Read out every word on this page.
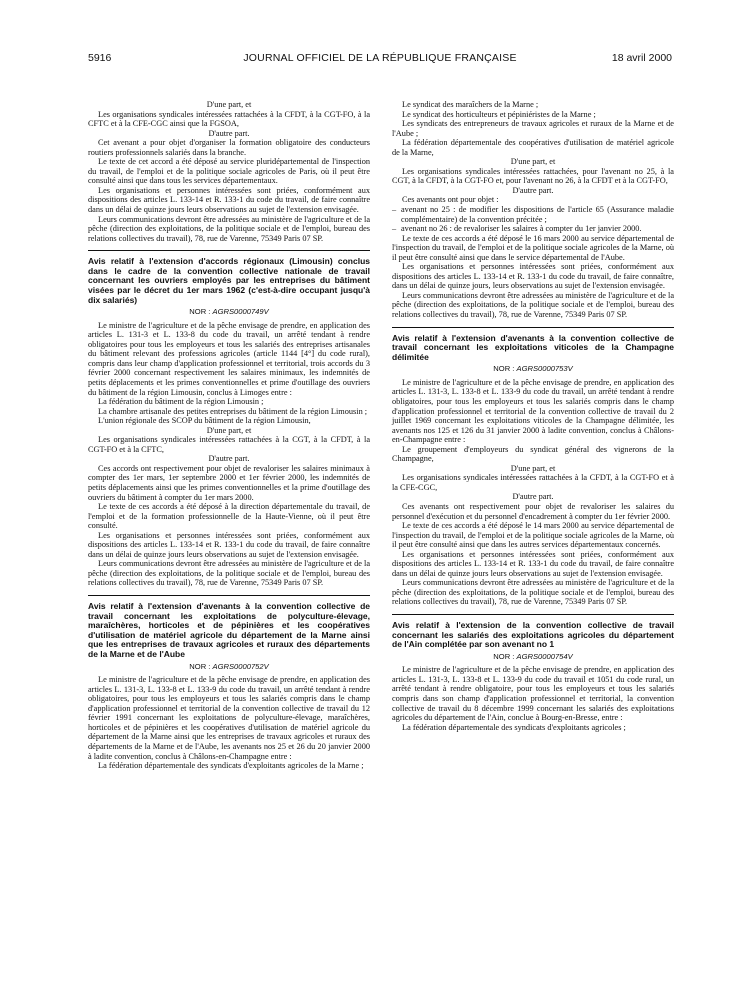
5916	JOURNAL OFFICIEL DE LA RÉPUBLIQUE FRANÇAISE	18 avril 2000

D'une part, et

Les organisations syndicales intéressées rattachées à la CFDT, à la CGT-FO, à la CFTC et à la CFE-CGC ainsi que la FGSOA,

D'autre part.

Cet avenant a pour objet d'organiser la formation obligatoire des conducteurs routiers professionnels salariés dans la branche.

Le texte de cet accord a été déposé au service pluridépartemental de l'inspection du travail, de l'emploi et de la politique sociale agricoles de Paris, où il peut être consulté ainsi que dans tous les services départementaux.

Les organisations et personnes intéressées sont priées, conformément aux dispositions des articles L. 133-14 et R. 133-1 du code du travail, de faire connaître dans un délai de quinze jours leurs observations au sujet de l'extension envisagée.

Leurs communications devront être adressées au ministère de l'agriculture et de la pêche (direction des exploitations, de la politique sociale et de l'emploi, bureau des relations collectives du travail), 78, rue de Varenne, 75349 Paris 07 SP.

Avis relatif à l'extension d'accords régionaux (Limousin) conclus dans le cadre de la convention collective nationale de travail concernant les ouvriers employés par les entreprises du bâtiment visées par le décret du 1er mars 1962 (c'est-à-dire occupant jusqu'à dix salariés)
NOR : AGRS0000749V

Le ministre de l'agriculture et de la pêche envisage de prendre, en application des articles L. 131-3 et L. 133-8 du code du travail, un arrêté tendant à rendre obligatoires pour tous les employeurs et tous les salariés des entreprises artisanales du bâtiment relevant des professions agricoles (article 1144 [4°] du code rural), compris dans leur champ d'application professionnel et territorial, trois accords du 3 février 2000 concernant respectivement les salaires minimaux, les indemnités de petits déplacements et les primes conventionnelles et prime d'outillage des ouvriers du bâtiment de la région Limousin, conclus à Limoges entre :

La fédération du bâtiment de la région Limousin ;

La chambre artisanale des petites entreprises du bâtiment de la région Limousin ;

L'union régionale des SCOP du bâtiment de la région Limousin,

D'une part, et

Les organisations syndicales intéressées rattachées à la CGT, à la CFDT, à la CGT-FO et à la CFTC,

D'autre part.

Ces accords ont respectivement pour objet de revaloriser les salaires minimaux à compter des 1er mars, 1er septembre 2000 et 1er février 2000, les indemnités de petits déplacements ainsi que les primes conventionnelles et la prime d'outillage des ouvriers du bâtiment à compter du 1er mars 2000.

Le texte de ces accords a été déposé à la direction départementale du travail, de l'emploi et de la formation professionnelle de la Haute-Vienne, où il peut être consulté.

Les organisations et personnes intéressées sont priées, conformément aux dispositions des articles L. 133-14 et R. 133-1 du code du travail, de faire connaître dans un délai de quinze jours leurs observations au sujet de l'extension envisagée.

Leurs communications devront être adressées au ministère de l'agriculture et de la pêche (direction des exploitations, de la politique sociale et de l'emploi, bureau des relations collectives du travail), 78, rue de Varenne, 75349 Paris 07 SP.

Avis relatif à l'extension d'avenants à la convention collective de travail concernant les exploitations de polyculture-élevage, maraîchères, horticoles et de pépinières et les coopératives d'utilisation de matériel agricole du département de la Marne ainsi que les entreprises de travaux agricoles et ruraux des départements de la Marne et de l'Aube
NOR : AGRS0000752V

Le ministre de l'agriculture et de la pêche envisage de prendre, en application des articles L. 131-3, L. 133-8 et L. 133-9 du code du travail, un arrêté tendant à rendre obligatoires, pour tous les employeurs et tous les salariés compris dans le champ d'application professionnel et territorial de la convention collective de travail du 12 février 1991 concernant les exploitations de polyculture-élevage, maraîchères, horticoles et de pépinières et les coopératives d'utilisation de matériel agricole du département de la Marne ainsi que les entreprises de travaux agricoles et ruraux des départements de la Marne et de l'Aube, les avenants nos 25 et 26 du 20 janvier 2000 à ladite convention, conclus à Châlons-en-Champagne entre :

La fédération départementale des syndicats d'exploitants agricoles de la Marne ;

Le syndicat des maraîchers de la Marne ;

Le syndicat des horticulteurs et pépiniéristes de la Marne ;

Les syndicats des entrepreneurs de travaux agricoles et ruraux de la Marne et de l'Aube ;

La fédération départementale des coopératives d'utilisation de matériel agricole de la Marne,

D'une part, et

Les organisations syndicales intéressées rattachées, pour l'avenant no 25, à la CGT, à la CFDT, à la CGT-FO et, pour l'avenant no 26, à la CFDT et à la CGT-FO,

D'autre part.

Ces avenants ont pour objet :

– avenant no 25 : de modifier les dispositions de l'article 65 (Assurance maladie complémentaire) de la convention précitée ;

– avenant no 26 : de revaloriser les salaires à compter du 1er janvier 2000.

Le texte de ces accords a été déposé le 16 mars 2000 au service départemental de l'inspection du travail, de l'emploi et de la politique sociale agricoles de la Marne, où il peut être consulté ainsi que dans le service départemental de l'Aube.

Les organisations et personnes intéressées sont priées, conformément aux dispositions des articles L. 133-14 et R. 133-1 du code du travail, de faire connaître, dans un délai de quinze jours, leurs observations au sujet de l'extension envisagée.

Leurs communications devront être adressées au ministère de l'agriculture et de la pêche (direction des exploitations, de la politique sociale et de l'emploi, bureau des relations collectives du travail), 78, rue de Varenne, 75349 Paris 07 SP.

Avis relatif à l'extension d'avenants à la convention collective de travail concernant les exploitations viticoles de la Champagne délimitée
NOR : AGRS0000753V

Le ministre de l'agriculture et de la pêche envisage de prendre, en application des articles L. 131-3, L. 133-8 et L. 133-9 du code du travail, un arrêté tendant à rendre obligatoires, pour tous les employeurs et tous les salariés compris dans le champ d'application professionnel et territorial de la convention collective de travail du 2 juillet 1969 concernant les exploitations viticoles de la Champagne délimitée, les avenants nos 125 et 126 du 31 janvier 2000 à ladite convention, conclus à Châlons-en-Champagne entre :

Le groupement d'employeurs du syndicat général des vignerons de la Champagne,

D'une part, et

Les organisations syndicales intéressées rattachées à la CFDT, à la CGT-FO et à la CFE-CGC,

D'autre part.

Ces avenants ont respectivement pour objet de revaloriser les salaires du personnel d'exécution et du personnel d'encadrement à compter du 1er février 2000.

Le texte de ces accords a été déposé le 14 mars 2000 au service départemental de l'inspection du travail, de l'emploi et de la politique sociale agricoles de la Marne, où il peut être consulté ainsi que dans les autres services départementaux concernés.

Les organisations et personnes intéressées sont priées, conformément aux dispositions des articles L. 133-14 et R. 133-1 du code du travail, de faire connaître dans un délai de quinze jours leurs observations au sujet de l'extension envisagée.

Leurs communications devront être adressées au ministère de l'agriculture et de la pêche (direction des exploitations, de la politique sociale et de l'emploi, bureau des relations collectives du travail), 78, rue de Varenne, 75349 Paris 07 SP.

Avis relatif à l'extension de la convention collective de travail concernant les salariés des exploitations agricoles du département de l'Ain complétée par son avenant no 1
NOR : AGRS0000754V

Le ministre de l'agriculture et de la pêche envisage de prendre, en application des articles L. 131-3, L. 133-8 et L. 133-9 du code du travail et 1051 du code rural, un arrêté tendant à rendre obligatoire, pour tous les employeurs et tous les salariés compris dans son champ d'application professionnel et territorial, la convention collective de travail du 8 décembre 1999 concernant les salariés des exploitations agricoles du département de l'Ain, conclue à Bourg-en-Bresse, entre :

La fédération départementale des syndicats d'exploitants agricoles ;
